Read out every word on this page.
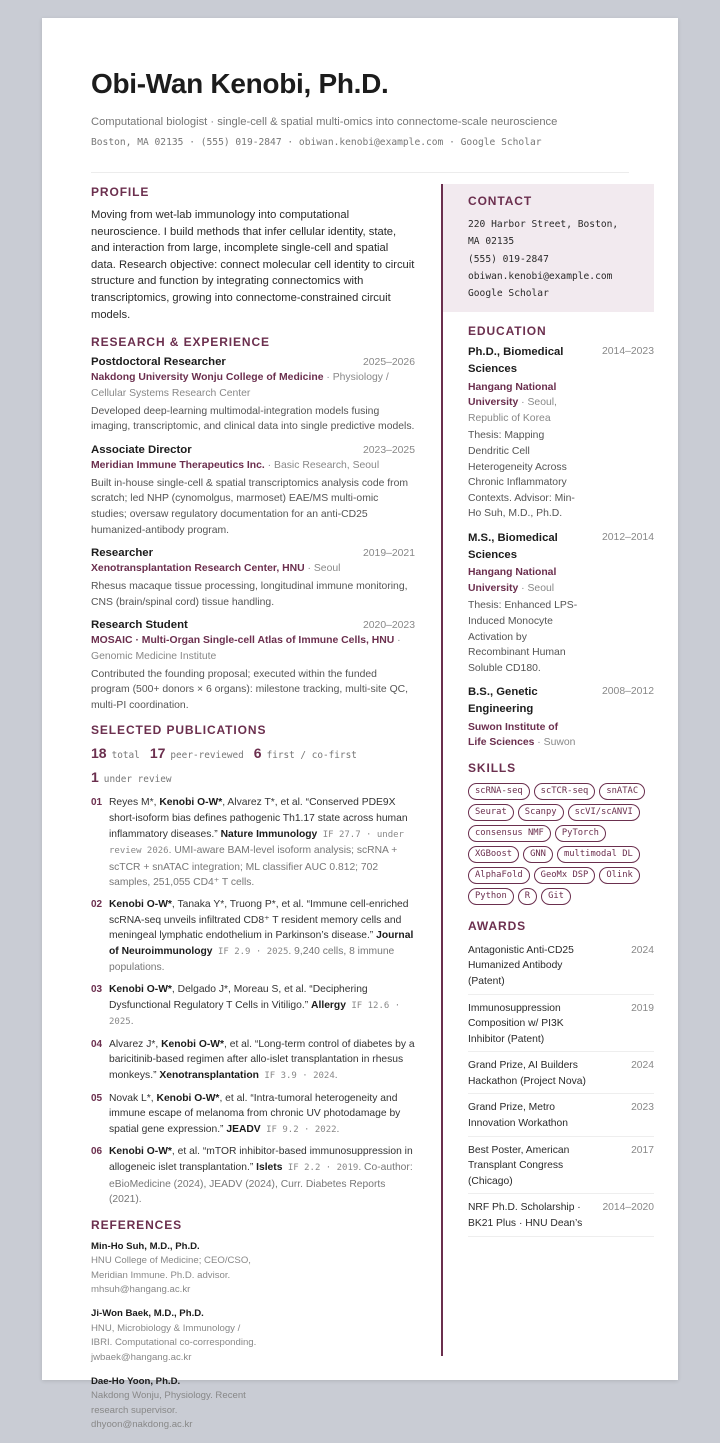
Obi-Wan Kenobi, Ph.D.
Computational biologist · single-cell & spatial multi-omics into connectome-scale neuroscience
Boston, MA 02135 · (555) 019-2847 · obiwan.kenobi@example.com · Google Scholar
PROFILE
Moving from wet-lab immunology into computational neuroscience. I build methods that infer cellular identity, state, and interaction from large, incomplete single-cell and spatial data. Research objective: connect molecular cell identity to circuit structure and function by integrating connectomics with transcriptomics, growing into connectome-constrained circuit models.
RESEARCH & EXPERIENCE
Postdoctoral Researcher	2025–2026
Nakdong University Wonju College of Medicine · Physiology / Cellular Systems Research Center
Developed deep-learning multimodal-integration models fusing imaging, transcriptomic, and clinical data into single predictive models.
Associate Director	2023–2025
Meridian Immune Therapeutics Inc. · Basic Research, Seoul
Built in-house single-cell & spatial transcriptomics analysis code from scratch; led NHP (cynomolgus, marmoset) EAE/MS multi-omic studies; oversaw regulatory documentation for an anti-CD25 humanized-antibody program.
Researcher	2019–2021
Xenotransplantation Research Center, HNU · Seoul
Rhesus macaque tissue processing, longitudinal immune monitoring, CNS (brain/spinal cord) tissue handling.
Research Student	2020–2023
MOSAIC · Multi-Organ Single-cell Atlas of Immune Cells, HNU · Genomic Medicine Institute
Contributed the founding proposal; executed within the funded program (500+ donors × 6 organs): milestone tracking, multi-site QC, multi-PI coordination.
SELECTED PUBLICATIONS
18 total 17 peer-reviewed 6 first / co-first
1 under review
01 Reyes M*, Kenobi O-W*, Alvarez T*, et al. “Conserved PDE9X short-isoform bias defines pathogenic Th1.17 state across human inflammatory diseases.” Nature Immunology IF 27.7 · under review 2026. UMI-aware BAM-level isoform analysis; scRNA + scTCR + snATAC integration; ML classifier AUC 0.812; 702 samples, 251,055 CD4⁺ T cells.
02 Kenobi O-W*, Tanaka Y*, Truong P*, et al. “Immune cell-enriched scRNA-seq unveils infiltrated CD8⁺ T resident memory cells and meningeal lymphatic endothelium in Parkinson’s disease.” Journal of Neuroimmunology IF 2.9 · 2025. 9,240 cells, 8 immune populations.
03 Kenobi O-W*, Delgado J*, Moreau S, et al. “Deciphering Dysfunctional Regulatory T Cells in Vitiligo.” Allergy IF 12.6 · 2025.
04 Alvarez J*, Kenobi O-W*, et al. “Long-term control of diabetes by a baricitinib-based regimen after allo-islet transplantation in rhesus monkeys.” Xenotransplantation IF 3.9 · 2024.
05 Novak L*, Kenobi O-W*, et al. “Intra-tumoral heterogeneity and immune escape of melanoma from chronic UV photodamage by spatial gene expression.” JEADV IF 9.2 · 2022.
06 Kenobi O-W*, et al. “mTOR inhibitor-based immunosuppression in allogeneic islet transplantation.” Islets IF 2.2 · 2019. Co-author: eBioMedicine (2024), JEADV (2024), Curr. Diabetes Reports (2021).
REFERENCES
Min-Ho Suh, M.D., Ph.D.
HNU College of Medicine; CEO/CSO, Meridian Immune. Ph.D. advisor.
mhsuh@hangang.ac.kr
Ji-Won Baek, M.D., Ph.D.
HNU, Microbiology & Immunology / IBRI. Computational co-corresponding.
jwbaek@hangang.ac.kr
Dae-Ho Yoon, Ph.D.
Nakdong Wonju, Physiology. Recent research supervisor.
dhyoon@nakdong.ac.kr
CONTACT
220 Harbor Street, Boston, MA 02135
(555) 019-2847
obiwan.kenobi@example.com
Google Scholar
EDUCATION
Ph.D., Biomedical Sciences
Hangang National University · Seoul, Republic of Korea
Thesis: Mapping Dendritic Cell Heterogeneity Across Chronic Inflammatory Contexts. Advisor: Min-Ho Suh, M.D., Ph.D.
2014–2023
M.S., Biomedical Sciences
Hangang National University · Seoul
Thesis: Enhanced LPS-Induced Monocyte Activation by Recombinant Human Soluble CD180.
2012–2014
B.S., Genetic Engineering
Suwon Institute of Life Sciences · Suwon
2008–2012
SKILLS
scRNA-seq	scTCR-seq	snATAC
Seurat	Scanpy	scVI/scANVI
consensus NMF	PyTorch
XGBoost	GNN	multimodal DL
AlphaFold	GeoMx DSP	Olink
Python	R	Git
AWARDS
Antagonistic Anti-CD25 Humanized Antibody (Patent)
2024
Immunosuppression Composition w/ PI3K Inhibitor (Patent)
2019
Grand Prize, AI Builders Hackathon (Project Nova)
2024
Grand Prize, Metro Innovation Workathon
2023
Best Poster, American Transplant Congress (Chicago)
2017
NRF Ph.D. Scholarship · BK21 Plus · HNU Dean’s
2014–2020
